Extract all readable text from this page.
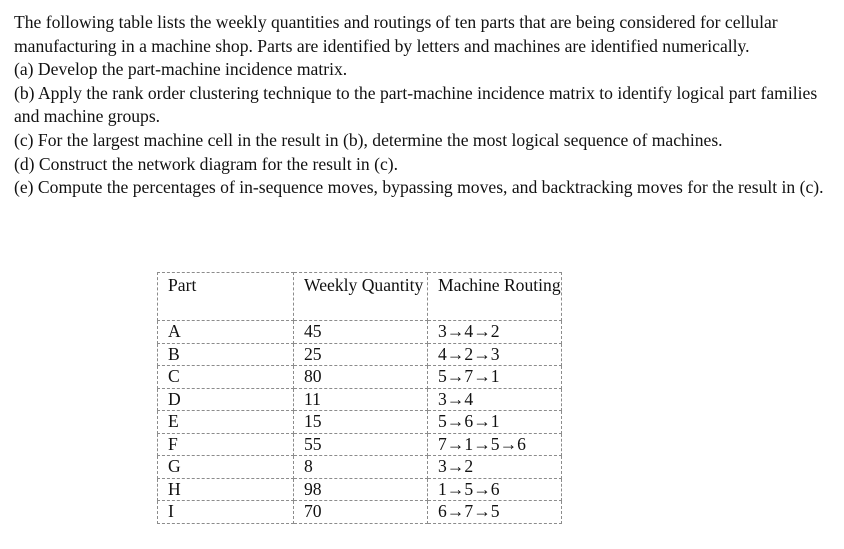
The following table lists the weekly quantities and routings of ten parts that are being considered for cellular manufacturing in a machine shop. Parts are identified by letters and machines are identified numerically.

(a) Develop the part-machine incidence matrix.

(b) Apply the rank order clustering technique to the part-machine incidence matrix to identify logical part families and machine groups.

(c) For the largest machine cell in the result in (b), determine the most logical sequence of machines.

(d) Construct the network diagram for the result in (c).

(e) Compute the percentages of in-sequence moves, bypassing moves, and backtracking moves for the result in (c).

Part	Weekly Quantity	Machine Routing
A	45	3→4→2
B	25	4→2→3
C	80	5→7→1
D	11	3→4
E	15	5→6→1
F	55	7→1→5→6
G	8	3→2
H	98	1→5→6
I	70	6→7→5
